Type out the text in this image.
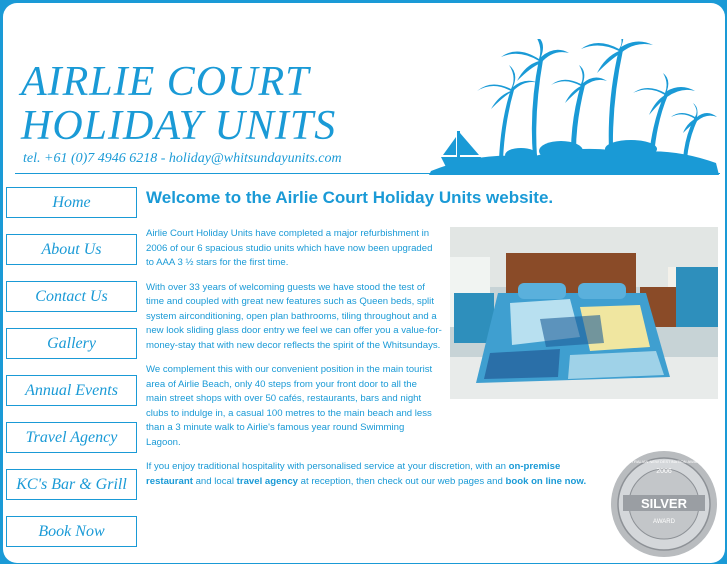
AIRLIE COURT
HOLIDAY UNITS
tel. +61 (0)7 4946 6218 - holiday@whitsundayunits.com
Home
About Us
Contact Us
Gallery
Annual Events
Travel Agency
KC's Bar & Grill
Book Now
Welcome to the Airlie Court Holiday Units website.

Airlie Court Holiday Units have completed a major refurbishment in 2006 of our 6 spacious studio units which have now been upgraded to AAA 3 ½ stars for the first time.

With over 33 years of welcoming guests we have stood the test of time and coupled with great new features such as Queen beds, split system airconditioning, open plan bathrooms, tiling throughout and a new look sliding glass door entry we feel we can offer you a value-for-money-stay that with new decor reflects the spirit of the Whitsundays.

We complement this with our convenient position in the main tourist area of Airlie Beach, only 40 steps from your front door to all the main street shops with over 50 cafés, restaurants, bars and night clubs to indulge in, a casual 100 metres to the main beach and less than a 3 minute walk to Airlie's famous year round Swimming Lagoon.

If you enjoy traditional hospitality with personalised service at your discretion, with an on-premise restaurant and local travel agency at reception, then check out our web pages and book on line now.

2006
AUSTRALIAN NEW DESTINATION AWARDS
SILVER
AWARD
